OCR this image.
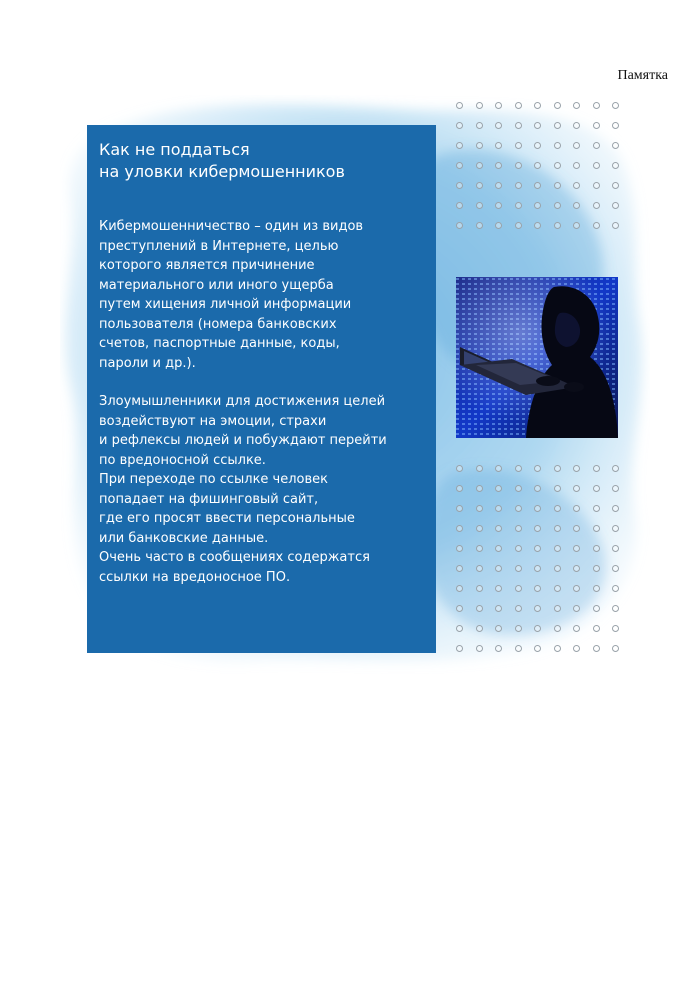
Памятка
Как не поддаться
на уловки кибермошенников

Кибермошенничество – один из видов
преступлений в Интернете, целью
которого является причинение
материального или иного ущерба
путем хищения личной информации
пользователя (номера банковских
счетов, паспортные данные, коды,
пароли и др.).

Злоумышленники для достижения целей
воздействуют на эмоции, страхи
и рефлексы людей и побуждают перейти
по вредоносной ссылке.
При переходе по ссылке человек
попадает на фишинговый сайт,
где его просят ввести персональные
или банковские данные.
Очень часто в сообщениях содержатся
ссылки на вредоносное ПО.
